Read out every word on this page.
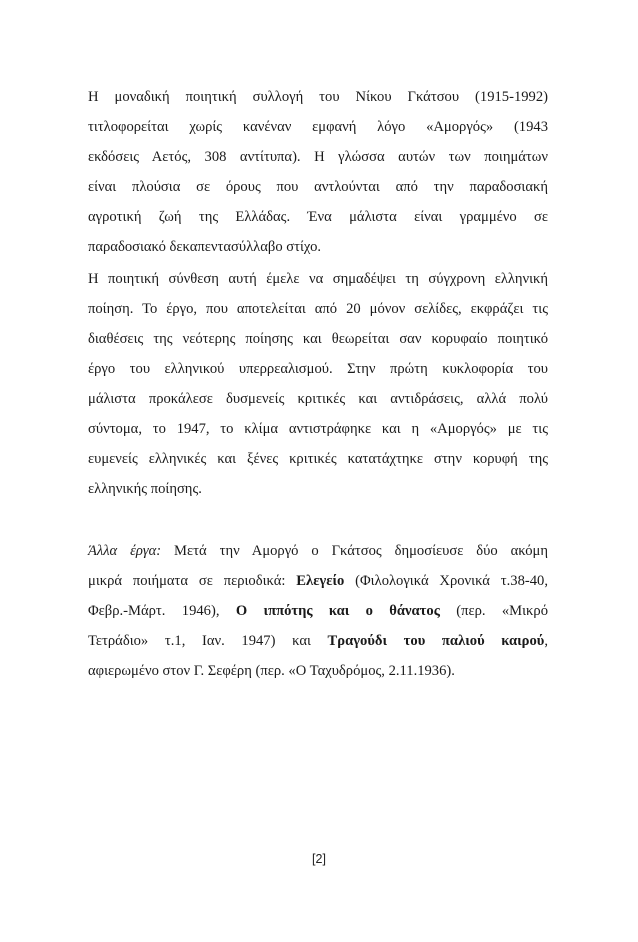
Η μοναδική ποιητική συλλογή του Νίκου Γκάτσου (1915-1992)
τιτλοφορείται χωρίς κανέναν εμφανή λόγο «Αμοργός» (1943
εκδόσεις Αετός, 308 αντίτυπα). Η γλώσσα αυτών των ποιημάτων
είναι πλούσια σε όρους που αντλούνται από την παραδοσιακή
αγροτική ζωή της Ελλάδας. Ένα μάλιστα είναι γραμμένο σε
παραδοσιακό δεκαπεντασύλλαβο στίχο.
Η ποιητική σύνθεση αυτή έμελε να σημαδέψει τη σύγχρονη ελληνική
ποίηση. Το έργο, που αποτελείται από 20 μόνον σελίδες, εκφράζει τις
διαθέσεις της νεότερης ποίησης και θεωρείται σαν κορυφαίο ποιητικό
έργο του ελληνικού υπερρεαλισμού. Στην πρώτη κυκλοφορία του
μάλιστα προκάλεσε δυσμενείς κριτικές και αντιδράσεις, αλλά πολύ
σύντομα, το 1947, το κλίμα αντιστράφηκε και η «Αμοργός» με τις
ευμενείς ελληνικές και ξένες κριτικές κατατάχτηκε στην κορυφή της
ελληνικής ποίησης.
Άλλα έργα: Μετά την Αμοργό ο Γκάτσος δημοσίευσε δύο ακόμη
μικρά ποιήματα σε περιοδικά: Ελεγείο (Φιλολογικά Χρονικά τ.38-40,
Φεβρ.-Μάρτ. 1946), Ο ιππότης και ο θάνατος (περ. «Μικρό
Τετράδιο» τ.1, Ιαν. 1947) και Τραγούδι του παλιού καιρού,
αφιερωμένο στον Γ. Σεφέρη (περ. «Ο Ταχυδρόμος, 2.11.1936).
[2]
